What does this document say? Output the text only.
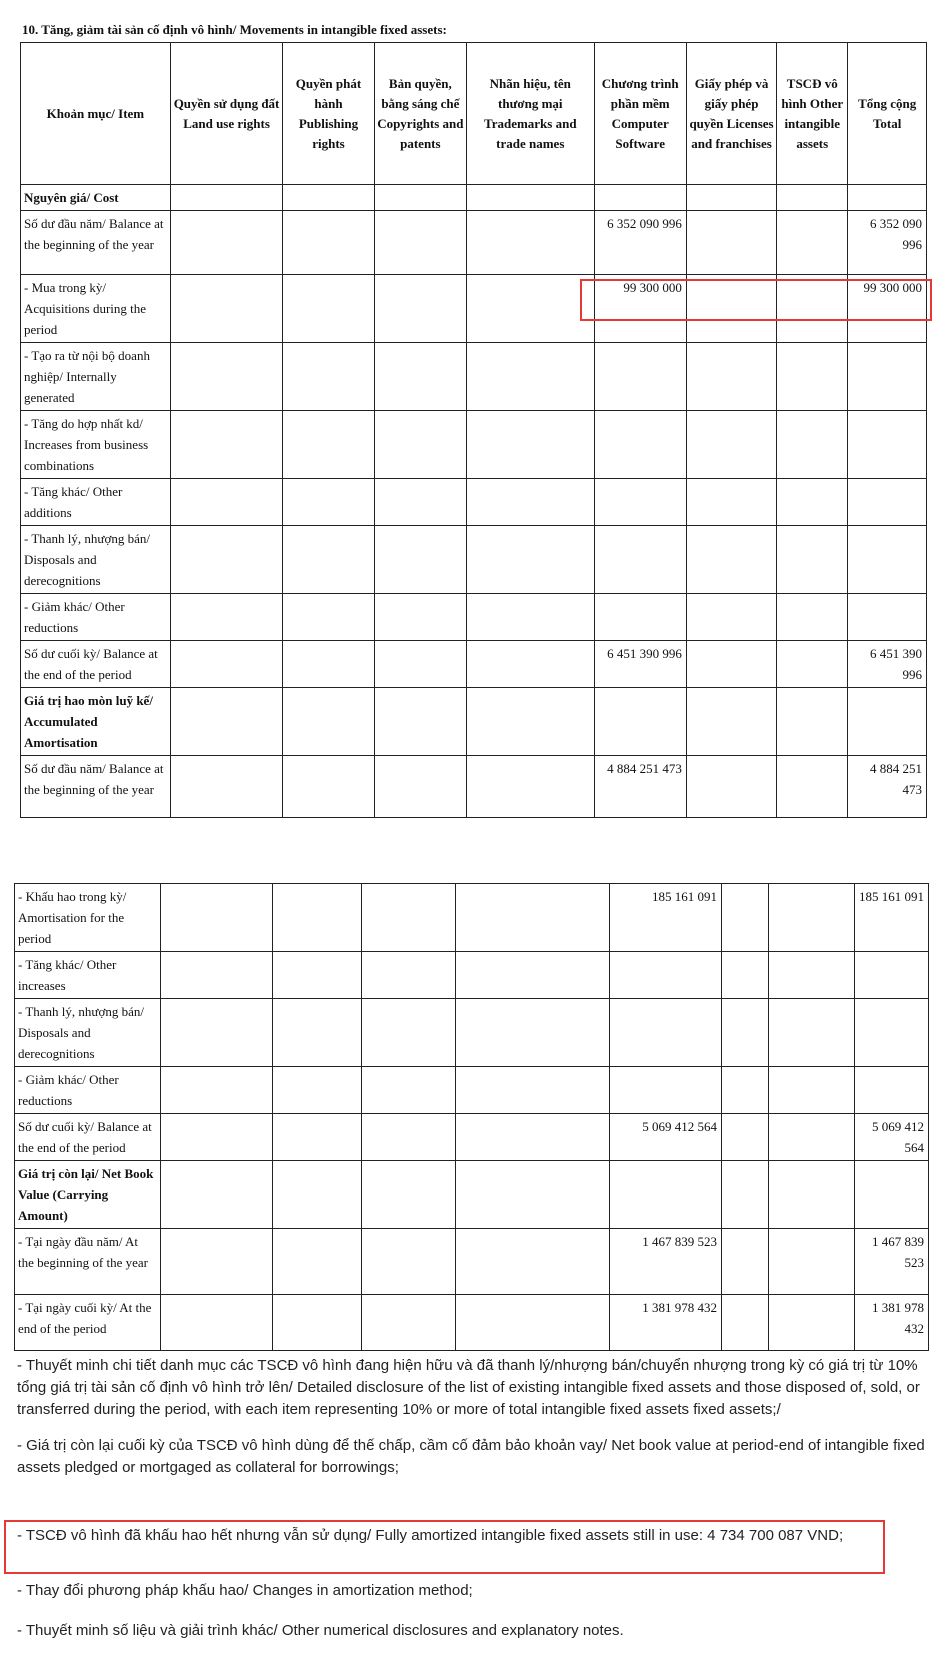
10. Tăng, giảm tài sản cố định vô hình/ Movements in intangible fixed assets:
Khoản mục/ Item	Quyền sử dụng đất Land use rights	Quyền phát hành Publishing rights	Bản quyền, bằng sáng chế Copyrights and patents	Nhãn hiệu, tên thương mại Trademarks and trade names	Chương trình phần mềm Computer Software	Giấy phép và giấy phép quyền Licenses and franchises	TSCĐ vô hình Other intangible assets	Tổng cộng Total
Nguyên giá/ Cost								
Số dư đầu năm/ Balance at the beginning of the year					6 352 090 996			6 352 090 996
- Mua trong kỳ/ Acquisitions during the period					99 300 000			99 300 000
- Tạo ra từ nội bộ doanh nghiệp/ Internally generated								
- Tăng do hợp nhất kd/ Increases from business combinations								
- Tăng khác/ Other additions								
- Thanh lý, nhượng bán/ Disposals and derecognitions								
- Giảm khác/ Other reductions								
Số dư cuối kỳ/ Balance at the end of the period					6 451 390 996			6 451 390 996
Giá trị hao mòn luỹ kế/ Accumulated Amortisation								
Số dư đầu năm/ Balance at the beginning of the year					4 884 251 473			4 884 251 473
- Khấu hao trong kỳ/ Amortisation for the period					185 161 091			185 161 091
- Tăng khác/ Other increases								
- Thanh lý, nhượng bán/ Disposals and derecognitions								
- Giảm khác/ Other reductions								
Số dư cuối kỳ/ Balance at the end of the period					5 069 412 564			5 069 412 564
Giá trị còn lại/ Net Book Value (Carrying Amount)								
- Tại ngày đầu năm/ At the beginning of the year					1 467 839 523			1 467 839 523
- Tại ngày cuối kỳ/ At the end of the period					1 381 978 432			1 381 978 432
- Thuyết minh chi tiết danh mục các TSCĐ vô hình đang hiện hữu và đã thanh lý/nhượng bán/chuyển nhượng trong kỳ có giá trị từ 10% tổng giá trị tài sản cố định vô hình trở lên/ Detailed disclosure of the list of existing intangible fixed assets and those disposed of, sold, or transferred during the period, with each item representing 10% or more of total intangible fixed assets fixed assets;/
- Giá trị còn lại cuối kỳ của TSCĐ vô hình dùng để thế chấp, cầm cố đảm bảo khoản vay/ Net book value at period-end of intangible fixed assets pledged or mortgaged as collateral for borrowings;
- TSCĐ vô hình đã khấu hao hết nhưng vẫn sử dụng/ Fully amortized intangible fixed assets still in use: 4 734 700 087 VND;
- Thay đổi phương pháp khấu hao/ Changes in amortization method;
- Thuyết minh số liệu và giải trình khác/ Other numerical disclosures and explanatory notes.
